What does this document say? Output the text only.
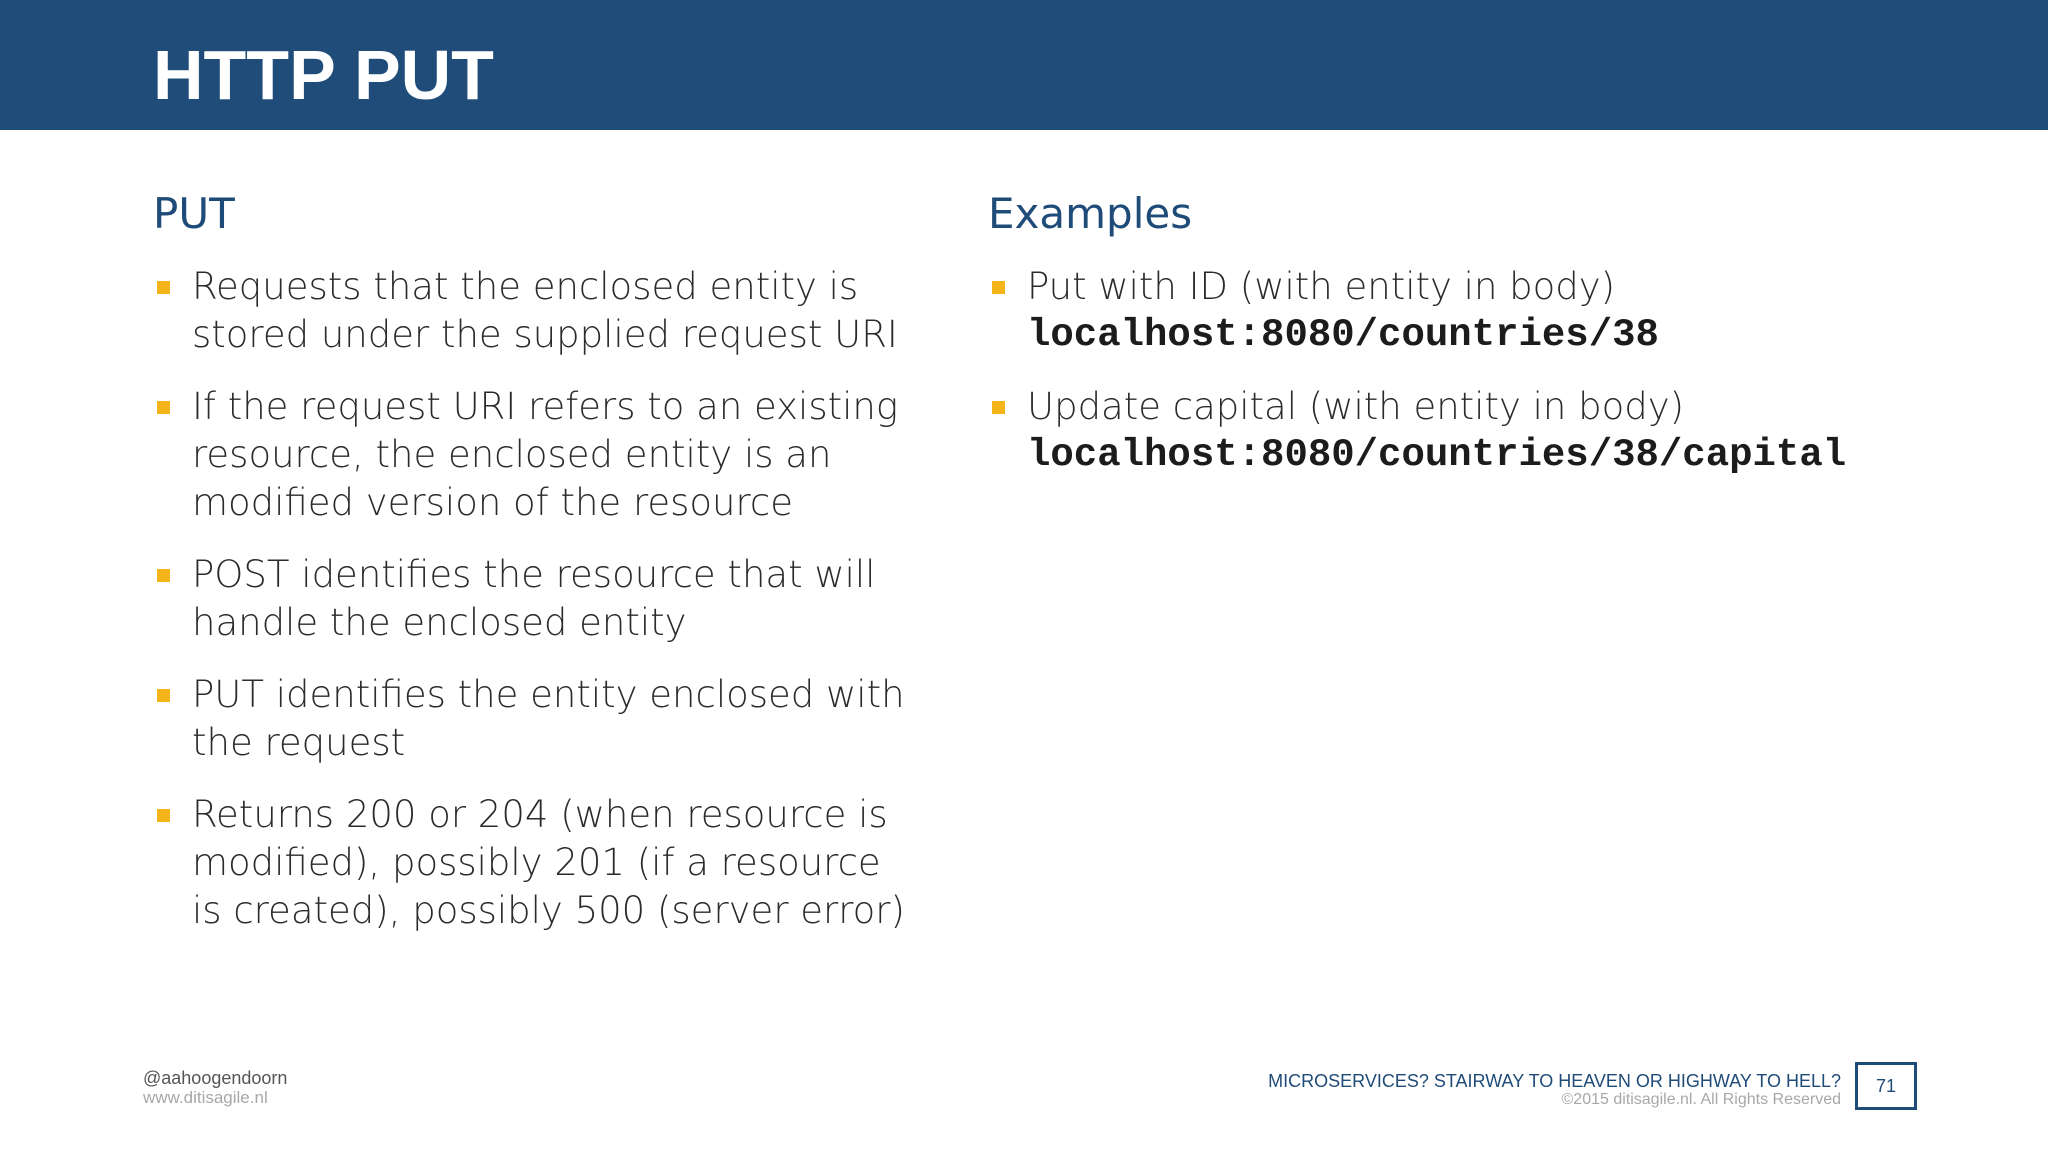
HTTP PUT
PUT
Requests that the enclosed entity is stored under the supplied request URI
If the request URI refers to an existing resource, the enclosed entity is an modified version of the resource
POST identifies the resource that will handle the enclosed entity
PUT identifies the entity enclosed with the request
Returns 200 or 204 (when resource is modified), possibly 201 (if a resource is created), possibly 500 (server error)
Examples
Put with ID (with entity in body)
localhost:8080/countries/38
Update capital (with entity in body)
localhost:8080/countries/38/capital
@aahoogendoorn
www.ditisagile.nl
MICROSERVICES? STAIRWAY TO HEAVEN OR HIGHWAY TO HELL?
©2015 ditisagile.nl. All Rights Reserved
71
